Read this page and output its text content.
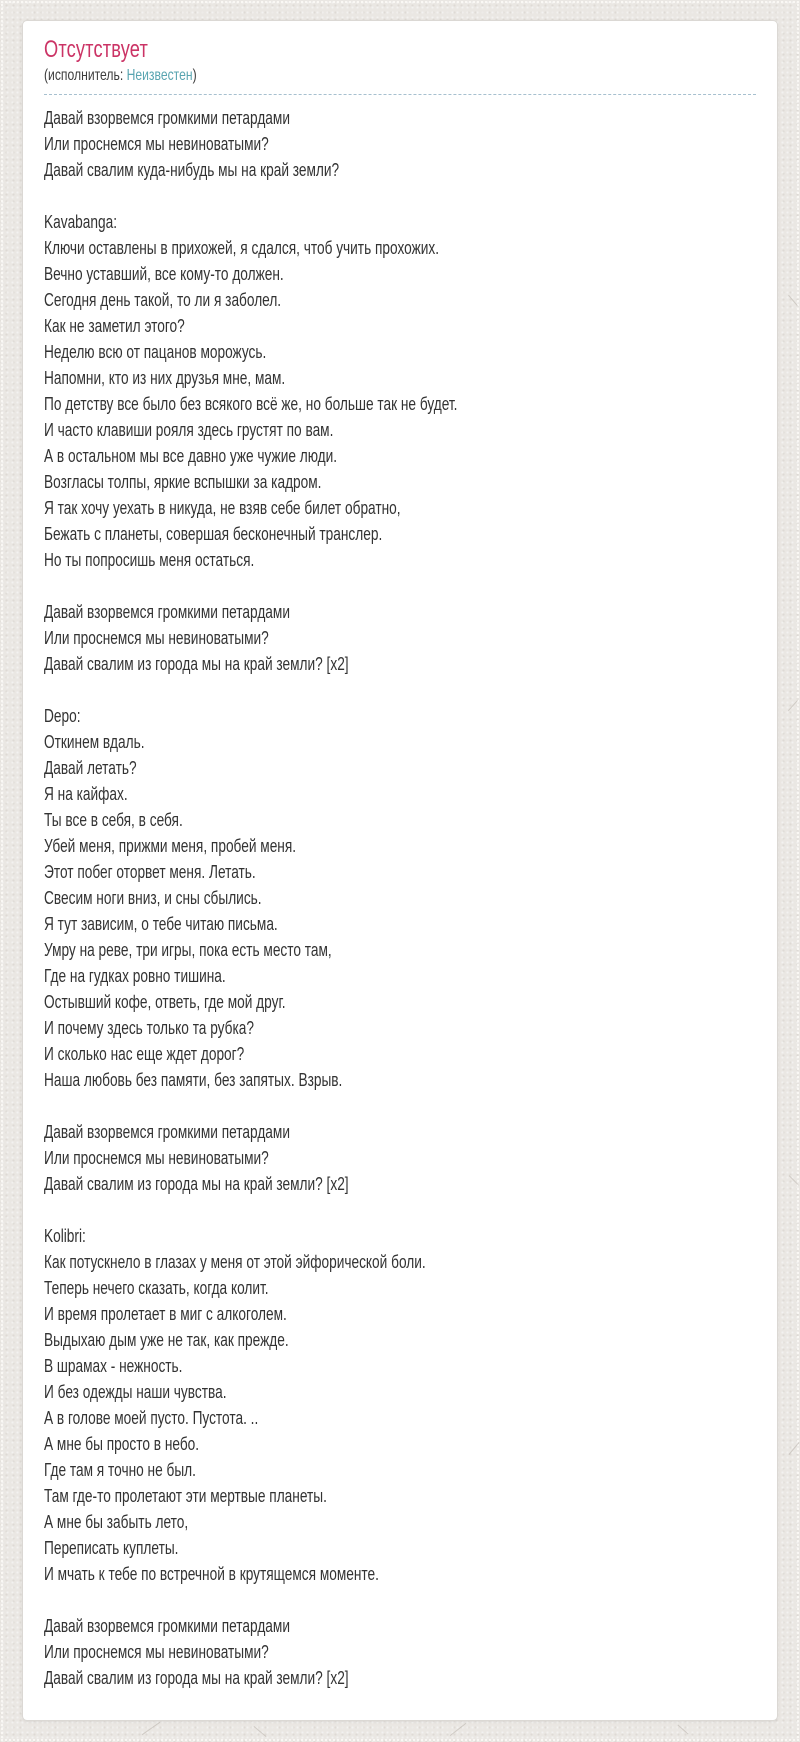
Отсутствует
(исполнитель: Неизвестен)
Давай взорвемся громкими петардами
Или проснемся мы невиноватыми?
Давай свалим куда-нибудь мы на край земли?

Kavabanga:
Ключи оставлены в прихожей, я сдался, чтоб учить прохожих.
Вечно уставший, все кому-то должен.
Сегодня день такой, то ли я заболел.
Как не заметил этого?
Неделю всю от пацанов морожусь.
Напомни, кто из них друзья мне, мам.
По детству все было без всякого всё же, но больше так не будет.
И часто клавиши рояля здесь грустят по вам.
А в остальном мы все давно уже чужие люди.
Возгласы толпы, яркие вспышки за кадром.
Я так хочу уехать в никуда, не взяв себе билет обратно,
Бежать с планеты, совершая бесконечный транслер.
Но ты попросишь меня остаться.

Давай взорвемся громкими петардами
Или проснемся мы невиноватыми?
Давай свалим из города мы на край земли? [x2]

Depo:
Откинем вдаль.
Давай летать?
Я на кайфах.
Ты все в себя, в себя.
Убей меня, прижми меня, пробей меня.
Этот побег оторвет меня. Летать.
Свесим ноги вниз, и сны сбылись.
Я тут зависим, о тебе читаю письма.
Умру на реве, три игры, пока есть место там,
Где на гудках ровно тишина.
Остывший кофе, ответь, где мой друг.
И почему здесь только та рубка?
И сколько нас еще ждет дорог?
Наша любовь без памяти, без запятых. Взрыв.

Давай взорвемся громкими петардами
Или проснемся мы невиноватыми?
Давай свалим из города мы на край земли? [x2]

Kolibri:
Как потускнело в глазах у меня от этой эйфорической боли.
Теперь нечего сказать, когда колит.
И время пролетает в миг с алкоголем.
Выдыхаю дым уже не так, как прежде.
В шрамах - нежность.
И без одежды наши чувства.
А в голове моей пусто. Пустота. ..
А мне бы просто в небо.
Где там я точно не был.
Там где-то пролетают эти мертвые планеты.
А мне бы забыть лето,
Переписать куплеты.
И мчать к тебе по встречной в крутящемся моменте.

Давай взорвемся громкими петардами
Или проснемся мы невиноватыми?
Давай свалим из города мы на край земли? [x2]
